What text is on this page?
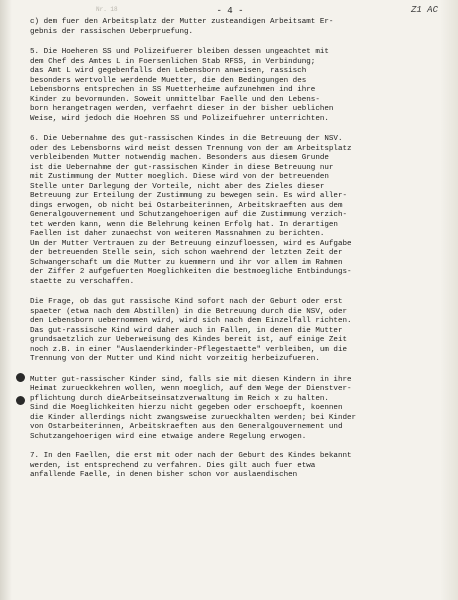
Nr. 18	- 4 -	Z1 AC
c) dem fuer den Arbeitsplatz der Mutter zusteandigen Arbeitsamt Er-
gebnis der rassischen Ueberpruefung.
5. Die Hoeheren SS und Polizeifuerer bleiben dessen ungeachtet mit
dem Chef des Amtes L in Foersenlichen Stab RFSS, in Verbindung;
das Amt L wird gegebenfalls den Lebensborn anweisen, rassisch
besonders wertvolle werdende Muetter, die den Bedingungen des
Lebensborns entsprechen in SS Muetterheime aufzunehmen ind ihre
Kinder zu bevormunden. Soweit unmittelbar Faelle und den Lebens-
born herangetragen werden, verfaehrt dieser in der bisher ueblichen
Weise, wird jedoch die Hoehren SS und Polizeifuehrer unterrichten.
6. Die Uebernahme des gut-rassischen Kindes in die Betreuung der NSV.
oder des Lebensborns wird meist dessen Trennung von der am Arbeitsplatz
verbleibenden Mutter notwendig machen. Besonders aus diesem Grunde
ist die Uebernahme der gut-rassischen Kinder in diese Betreuung nur
mit Zustimmung der Mutter moeglich. Diese wird von der betreuenden
Stelle unter Darlegung der Vorteile, nicht aber des Zieles dieser
Betreuung zur Erteilung der Zustimmung zu bewegen sein. Es wird aller-
dings erwogen, ob nicht bei Ostarbeiterinnen, Arbeitskraeften aus dem
Generalgouvernement und Schutzangehoerigen auf die Zustimmung verzich-
tet werden kann, wenn die Belehrung keinen Erfolg hat. In derartigen
Faellen ist daher zunaechst von weiteren Massnahmen zu berichten.
Um der Mutter Vertrauen zu der Betreuung einzufloessen, wird es Aufgabe
der betreuenden Stelle sein, sich schon waehrend der letzten Zeit der
Schwangerschaft um die Mutter zu kuemmern und ihr vor allem im Rahmen
der Ziffer 2 aufgefuerten Moeglichkeiten die bestmoegliche Entbindungs-
staette zu verschaffen.
Die Frage, ob das gut rassische Kind sofort nach der Geburt oder erst
spaeter (etwa nach dem Abstillen) in die Betreuung durch die NSV, oder
den Lebensborn uebernommen wird, wird sich nach dem Einzelfall richten.
Das gut-rassische Kind wird daher auch in Fallen, in denen die Mutter
grundsaetzlich zur Ueberweisung des Kindes bereit ist, auf einige Zeit
noch z.B. in einer "Auslaenderkinder-Pflegestaette" verbleiben, um die
Trennung von der Mutter und Kind nicht vorzeitig herbeizufueren.
Mutter gut-rassischer Kinder sind, falls sie mit diesen Kindern in ihre
Heimat zurueckkehren wollen, wenn moeglich, auf dem Wege der Dienstver-
pflichtung durch dieArbeitseinsatzverwaltung im Reich x zu halten.
Sind die Moeglichkeiten hierzu nicht gegeben oder erschoepft, koennen
die Kinder allerdings nicht zwangsweise zurueckhalten werden; bei Kinder
von Ostarbeiterinnen, Arbeitskraeften aus den Generalgouvernement und
Schutzangehoerigen wird eine etwaige andere Regelung erwogen.
7. In den Faellen, die erst mit oder nach der Geburt des Kindes bekannt
werden, ist entsprechend zu verfahren. Dies gilt auch fuer etwa
anfallende Faelle, in denen bisher schon vor auslaendischen
